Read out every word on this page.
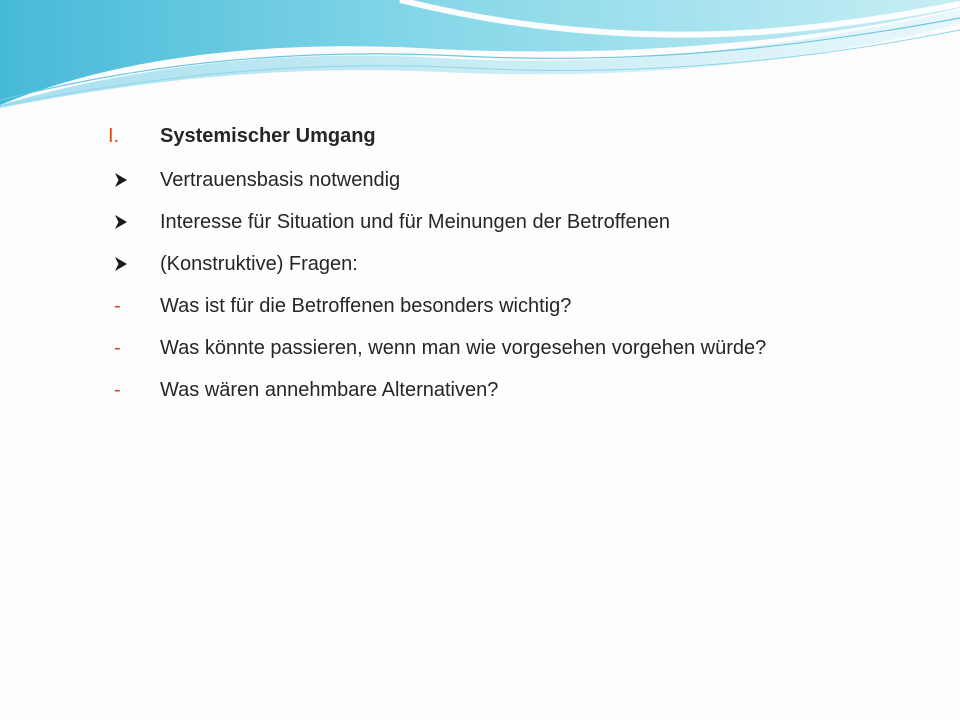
I.	Systemischer Umgang
Vertrauensbasis notwendig
Interesse für Situation und für Meinungen der Betroffenen
(Konstruktive) Fragen:
-	Was ist für die Betroffenen besonders wichtig?
-	Was könnte passieren, wenn man wie vorgesehen vorgehen würde?
-	Was wären annehmbare Alternativen?
